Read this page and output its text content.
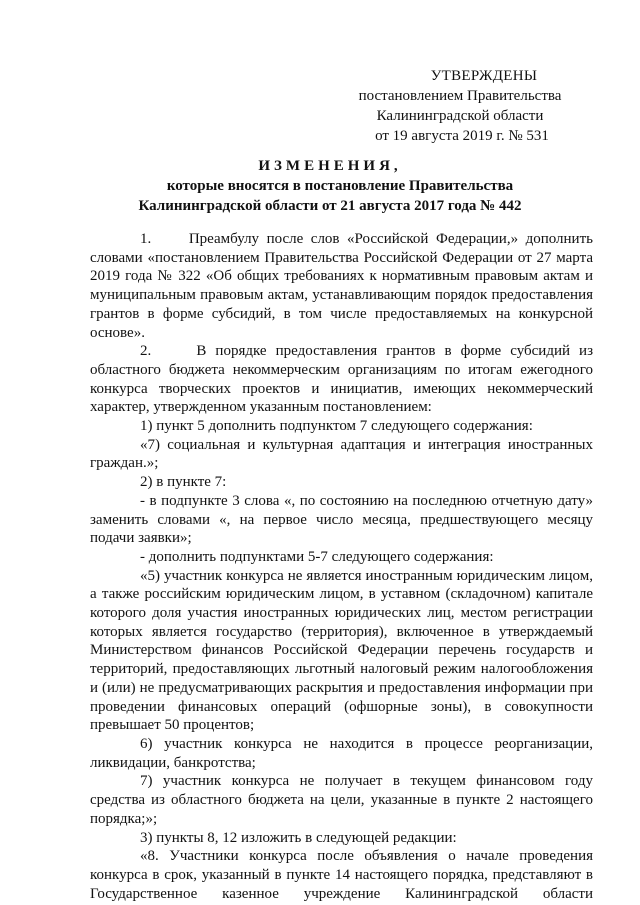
УТВЕРЖДЕНЫ
постановлением Правительства
Калининградской области
от 19 августа 2019 г. № 531
ИЗМЕНЕНИЯ,
которые вносятся в постановление Правительства
Калининградской области от 21 августа 2017 года № 442

1.     Преамбулу после слов «Российской Федерации,» дополнить словами «постановлением Правительства Российской Федерации от 27 марта 2019 года № 322 «Об общих требованиях к нормативным правовым актам и муниципальным правовым актам, устанавливающим порядок предоставления грантов в форме субсидий, в том числе предоставляемых на конкурсной основе».

2.     В порядке предоставления грантов в форме субсидий из областного бюджета некоммерческим организациям по итогам ежегодного конкурса творческих проектов и инициатив, имеющих некоммерческий характер, утвержденном указанным постановлением:

1) пункт 5 дополнить подпунктом 7 следующего содержания:

«7) социальная и культурная адаптация и интеграция иностранных граждан.»;

2) в пункте 7:

- в подпункте 3 слова «, по состоянию на последнюю отчетную дату» заменить словами «, на первое число месяца, предшествующего месяцу подачи заявки»;

- дополнить подпунктами 5-7 следующего содержания:

«5) участник конкурса не является иностранным юридическим лицом, а также российским юридическим лицом, в уставном (складочном) капитале которого доля участия иностранных юридических лиц, местом регистрации которых является государство (территория), включенное в утверждаемый Министерством финансов Российской Федерации перечень государств и территорий, предоставляющих льготный налоговый режим налогообложения и (или) не предусматривающих раскрытия и предоставления информации при проведении финансовых операций (офшорные зоны), в совокупности превышает 50 процентов;

6) участник конкурса не находится в процессе реорганизации, ликвидации, банкротства;

7) участник конкурса не получает в текущем финансовом году средства из областного бюджета на цели, указанные в пункте 2 настоящего порядка;»;

3) пункты 8, 12 изложить в следующей редакции:

«8. Участники конкурса после объявления о начале проведения конкурса в срок, указанный в пункте 14 настоящего порядка, представляют в Государственное казенное учреждение Калининградской области
